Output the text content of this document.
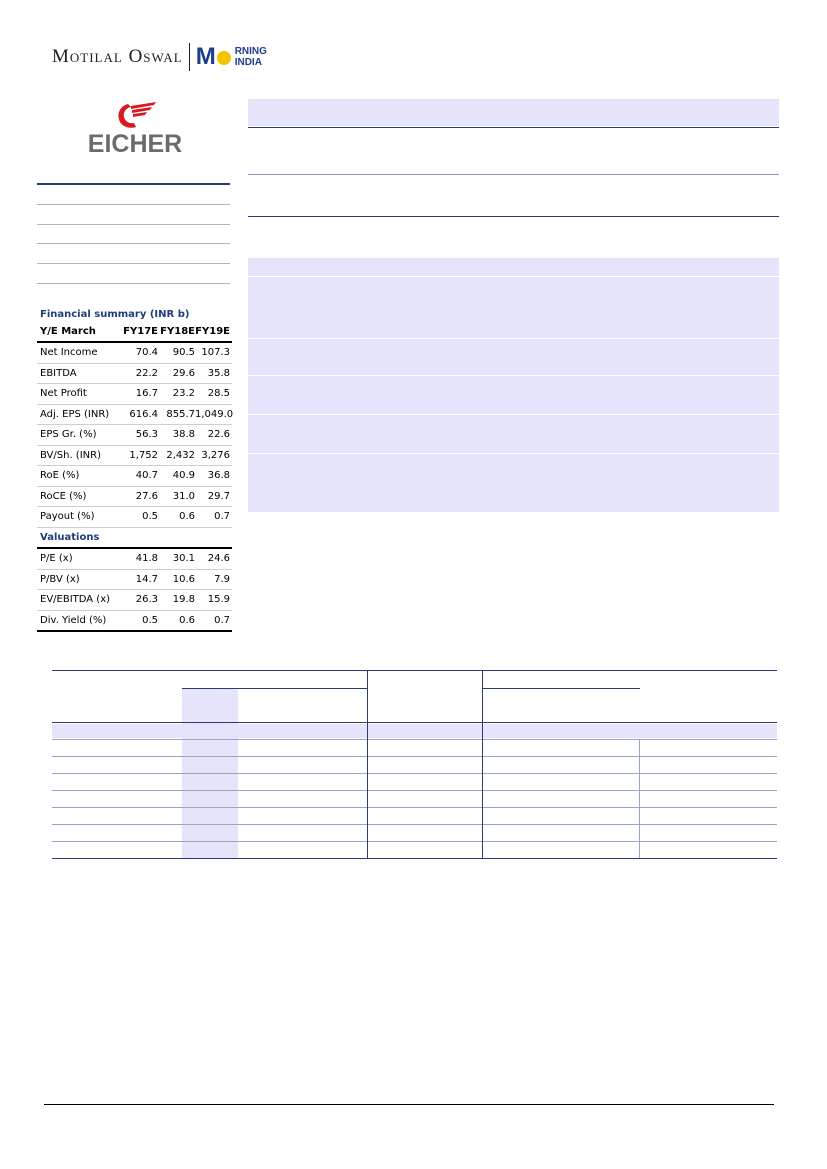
Motilal Oswal M RNING
INDIA
EICHER
Financial summary (INR b)
Y/E March	FY17E FY18E FY19E
Net Income	70.4	90.5 107.3
EBITDA	22.2	29.6	35.8
Net Profit	16.7	23.2	28.5
Adj. EPS (INR)	616.4 855.7 1,049.0
EPS Gr. (%)	56.3	38.8	22.6
BV/Sh. (INR)	1,752 2,432 3,276
RoE (%)	40.7	40.9	36.8
RoCE (%)	27.6	31.0	29.7
Payout (%)	0.5	0.6	0.7
Valuations
P/E (x)	41.8	30.1	24.6
P/BV (x)	14.7	10.6	7.9
EV/EBITDA (x)	26.3	19.8	15.9
Div. Yield (%)	0.5	0.6	0.7
